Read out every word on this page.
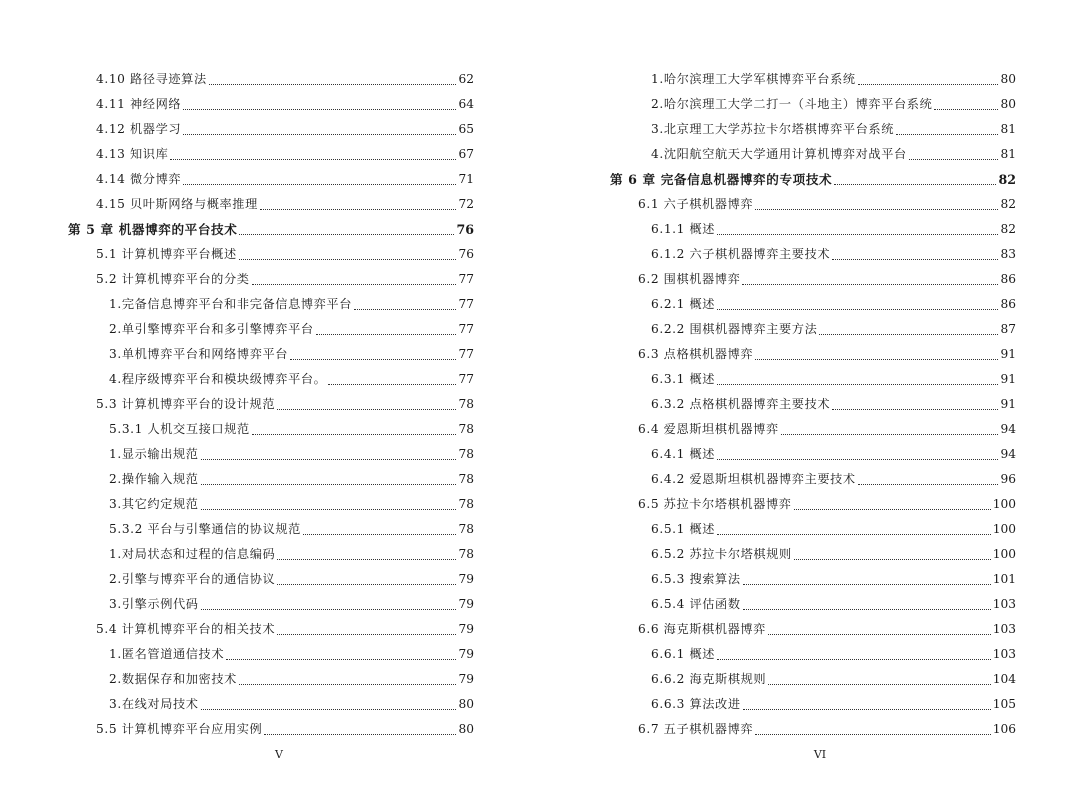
4.10 路径寻迹算法	62
4.11 神经网络	64
4.12 机器学习	65
4.13 知识库	67
4.14 微分博弈	71
4.15 贝叶斯网络与概率推理	72
第 5 章 机器博弈的平台技术	76
5.1 计算机博弈平台概述	76
5.2 计算机博弈平台的分类	77
1.完备信息博弈平台和非完备信息博弈平台	77
2.单引擎博弈平台和多引擎博弈平台	77
3.单机博弈平台和网络博弈平台	77
4.程序级博弈平台和模块级博弈平台。	77
5.3 计算机博弈平台的设计规范	78
5.3.1 人机交互接口规范	78
1.显示输出规范	78
2.操作输入规范	78
3.其它约定规范	78
5.3.2 平台与引擎通信的协议规范	78
1.对局状态和过程的信息编码	78
2.引擎与博弈平台的通信协议	79
3.引擎示例代码	79
5.4 计算机博弈平台的相关技术	79
1.匿名管道通信技术	79
2.数据保存和加密技术	79
3.在线对局技术	80
5.5 计算机博弈平台应用实例	80
1.哈尔滨理工大学军棋博弈平台系统	80
2.哈尔滨理工大学二打一（斗地主）博弈平台系统	80
3.北京理工大学苏拉卡尔塔棋博弈平台系统	81
4.沈阳航空航天大学通用计算机博弈对战平台	81
第 6 章 完备信息机器博弈的专项技术	82
6.1 六子棋机器博弈	82
6.1.1 概述	82
6.1.2 六子棋机器博弈主要技术	83
6.2 围棋机器博弈	86
6.2.1 概述	86
6.2.2 围棋机器博弈主要方法	87
6.3 点格棋机器博弈	91
6.3.1 概述	91
6.3.2 点格棋机器博弈主要技术	91
6.4 爱恩斯坦棋机器博弈	94
6.4.1 概述	94
6.4.2 爱恩斯坦棋机器博弈主要技术	96
6.5 苏拉卡尔塔棋机器博弈	100
6.5.1 概述	100
6.5.2 苏拉卡尔塔棋规则	100
6.5.3 搜索算法	101
6.5.4 评估函数	103
6.6 海克斯棋机器博弈	103
6.6.1 概述	103
6.6.2 海克斯棋规则	104
6.6.3 算法改进	105
6.7 五子棋机器博弈	106
V	VI
